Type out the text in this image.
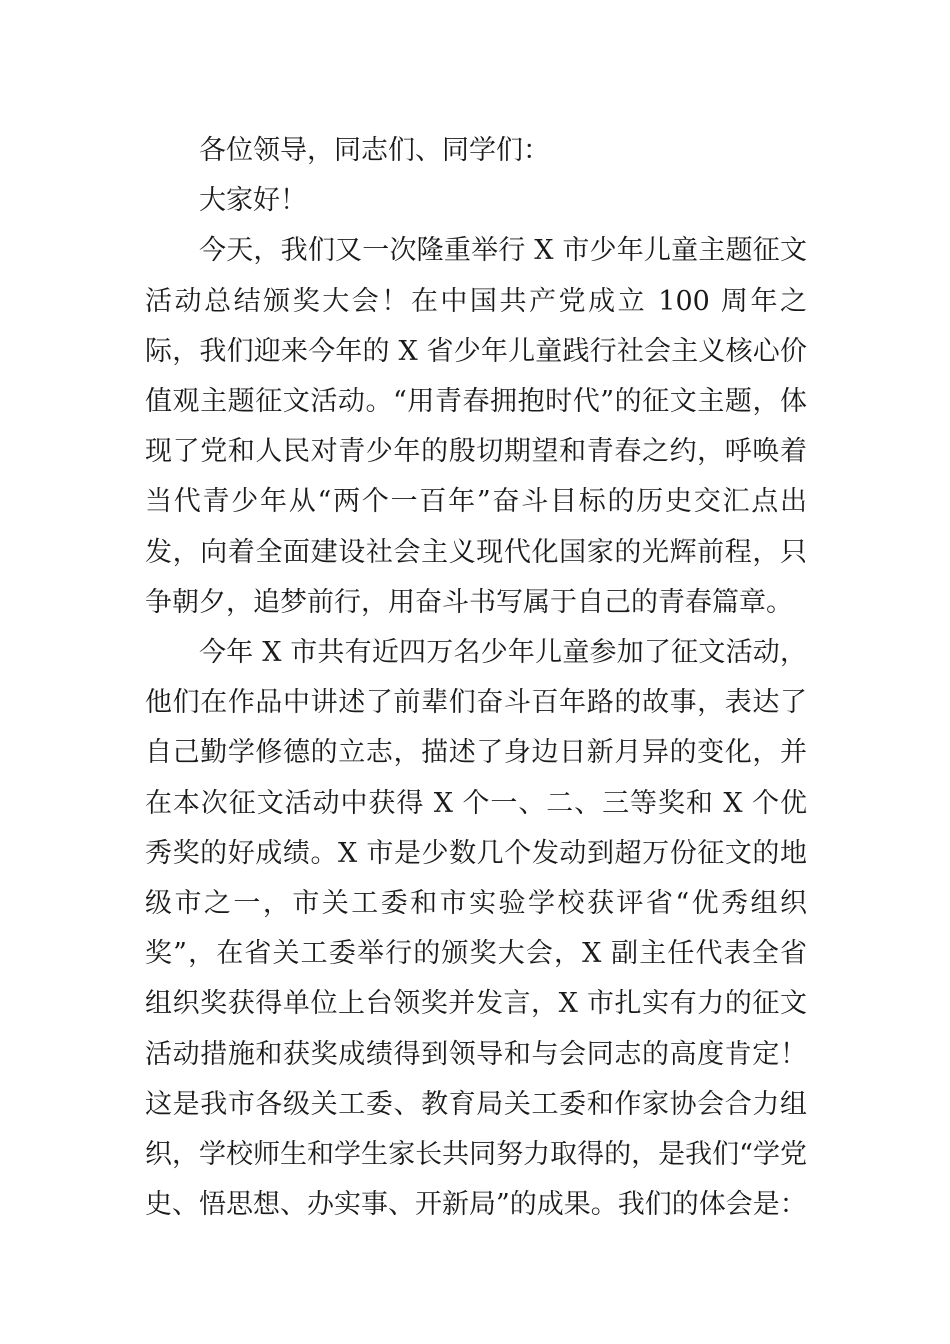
各位领导，同志们、同学们：

大家好！

今天，我们又一次隆重举行 X 市少年儿童主题征文活动总结颁奖大会！在中国共产党成立 100 周年之际，我们迎来今年的 X 省少年儿童践行社会主义核心价值观主题征文活动。“用青春拥抱时代”的征文主题，体现了党和人民对青少年的殷切期望和青春之约，呼唤着当代青少年从“两个一百年”奋斗目标的历史交汇点出发，向着全面建设社会主义现代化国家的光辉前程，只争朝夕，追梦前行，用奋斗书写属于自己的青春篇章。

今年 X 市共有近四万名少年儿童参加了征文活动，他们在作品中讲述了前辈们奋斗百年路的故事，表达了自己勤学修德的立志，描述了身边日新月异的变化，并在本次征文活动中获得 X 个一、二、三等奖和 X 个优秀奖的好成绩。X 市是少数几个发动到超万份征文的地级市之一，市关工委和市实验学校获评省“优秀组织奖”，在省关工委举行的颁奖大会，X 副主任代表全省组织奖获得单位上台领奖并发言，X 市扎实有力的征文活动措施和获奖成绩得到领导和与会同志的高度肯定！这是我市各级关工委、教育局关工委和作家协会合力组织，学校师生和学生家长共同努力取得的，是我们“学党史、悟思想、办实事、开新局”的成果。我们的体会是：
